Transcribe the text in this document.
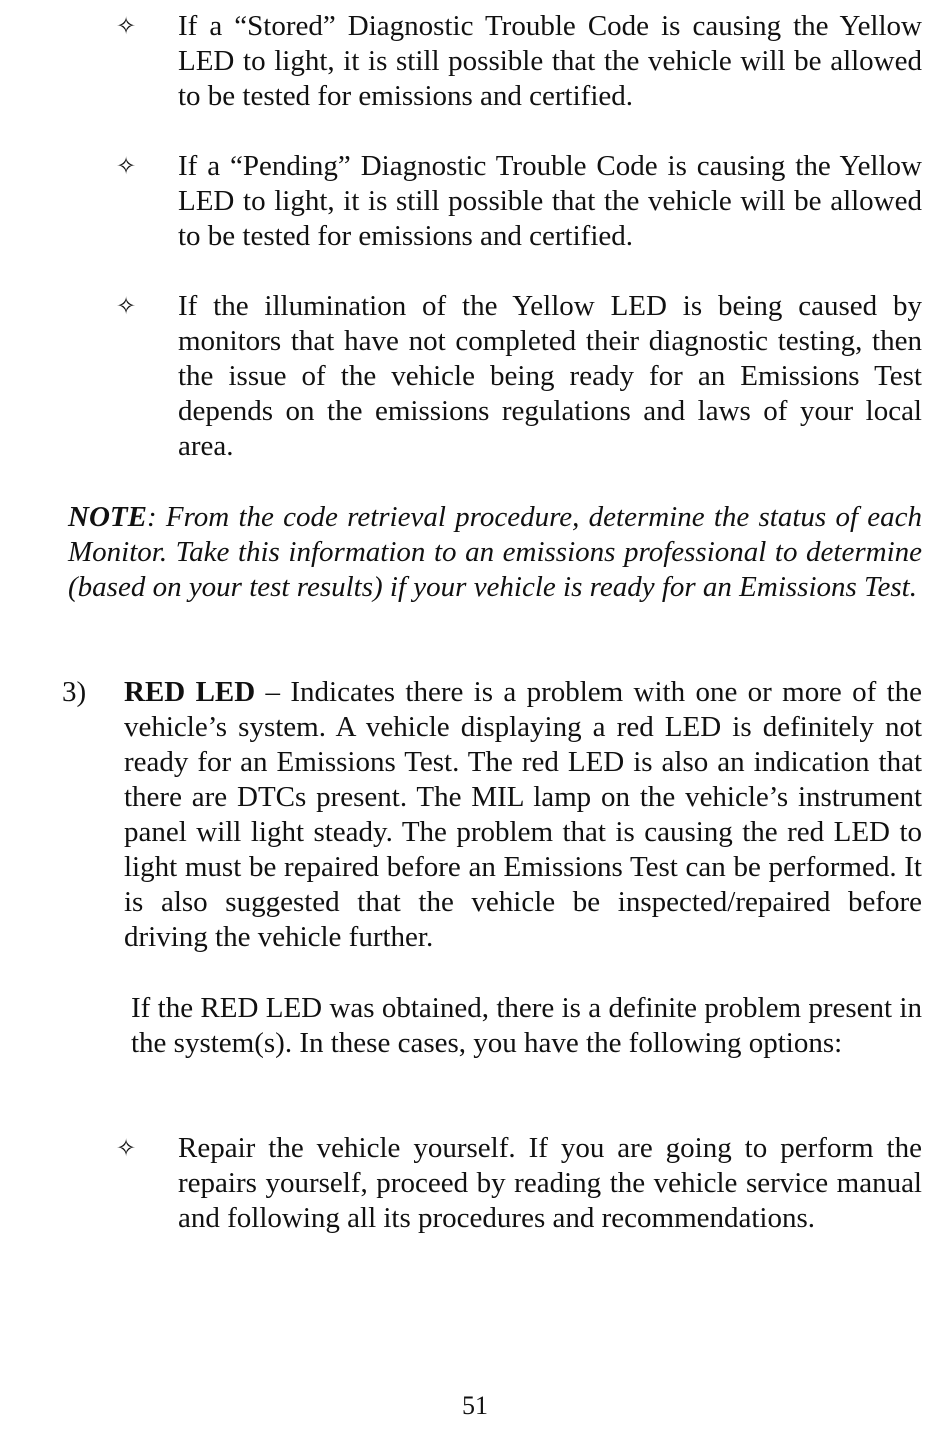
✧ If a “Stored” Diagnostic Trouble Code is causing the Yellow LED to light, it is still possible that the vehicle will be allowed to be tested for emissions and certified.
✧ If a “Pending” Diagnostic Trouble Code is causing the Yellow LED to light, it is still possible that the vehicle will be allowed to be tested for emissions and certified.
✧ If the illumination of the Yellow LED is being caused by monitors that have not completed their diagnostic testing, then the issue of the vehicle being ready for an Emissions Test depends on the emissions regulations and laws of your local area.
NOTE: From the code retrieval procedure, determine the status of each Monitor. Take this information to an emissions professional to determine (based on your test results) if your vehicle is ready for an Emissions Test.
3) RED LED – Indicates there is a problem with one or more of the vehicle’s system. A vehicle displaying a red LED is definitely not ready for an Emissions Test. The red LED is also an indication that there are DTCs present. The MIL lamp on the vehicle’s instrument panel will light steady. The problem that is causing the red LED to light must be repaired before an Emissions Test can be performed. It is also suggested that the vehicle be inspected/repaired before driving the vehicle further.
If the RED LED was obtained, there is a definite problem present in the system(s). In these cases, you have the following options:
✧ Repair the vehicle yourself. If you are going to perform the repairs yourself, proceed by reading the vehicle service manual and following all its procedures and recommendations.
51
